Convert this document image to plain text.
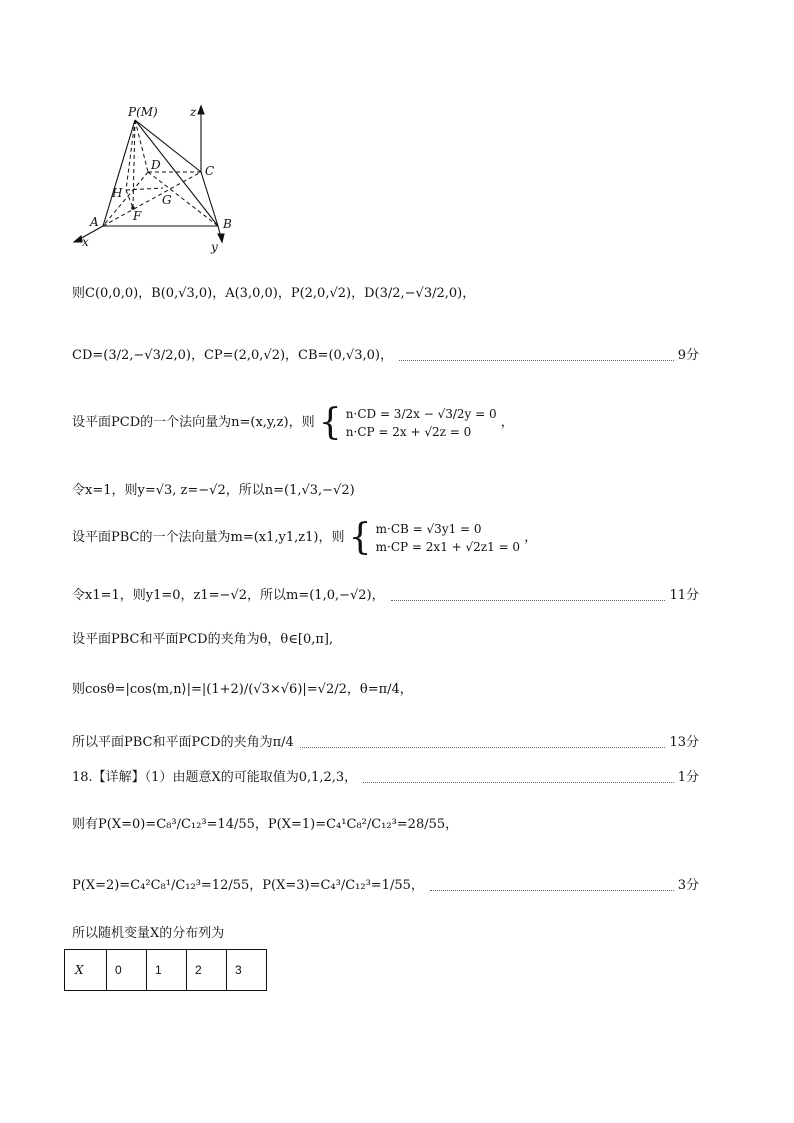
P(M)	z
C
D
H	G
F
A	B
x	y
则C(0,0,0)，B(0,√3,0)，A(3,0,0)，P(2,0,√2)，D(3/2,−√3/2,0)，
CD=(3/2,−√3/2,0)，CP=(2,0,√2)，CB=(0,√3,0)，	9分
设平面PCD的一个法向量为n=(x,y,z)，则 { n·CD = 3/2x − √3/2y = 0
n·CP = 2x + √2z = 0
，
令x=1，则y=√3, z=−√2，所以n=(1,√3,−√2)
设平面PBC的一个法向量为m=(x1,y1,z1)，则 { m·CB = √3y1 = 0
m·CP = 2x1 + √2z1 = 0
，
令x1=1，则y1=0，z1=−√2，所以m=(1,0,−√2)，	11分
设平面PBC和平面PCD的夹角为θ，θ∈[0,π],
则cosθ=|cos⟨m,n⟩|=|(1+2)/(√3×√6)|=√2/2，θ=π/4，
所以平面PBC和平面PCD的夹角为π/4	13分
18.【详解】（1）由题意X的可能取值为0,1,2,3，	1分
则有P(X=0)=C₈³/C₁₂³=14/55，P(X=1)=C₄¹C₈²/C₁₂³=28/55，
P(X=2)=C₄²C₈¹/C₁₂³=12/55，P(X=3)=C₄³/C₁₂³=1/55，	3分
所以随机变量X的分布列为
X	0	1	2	3
